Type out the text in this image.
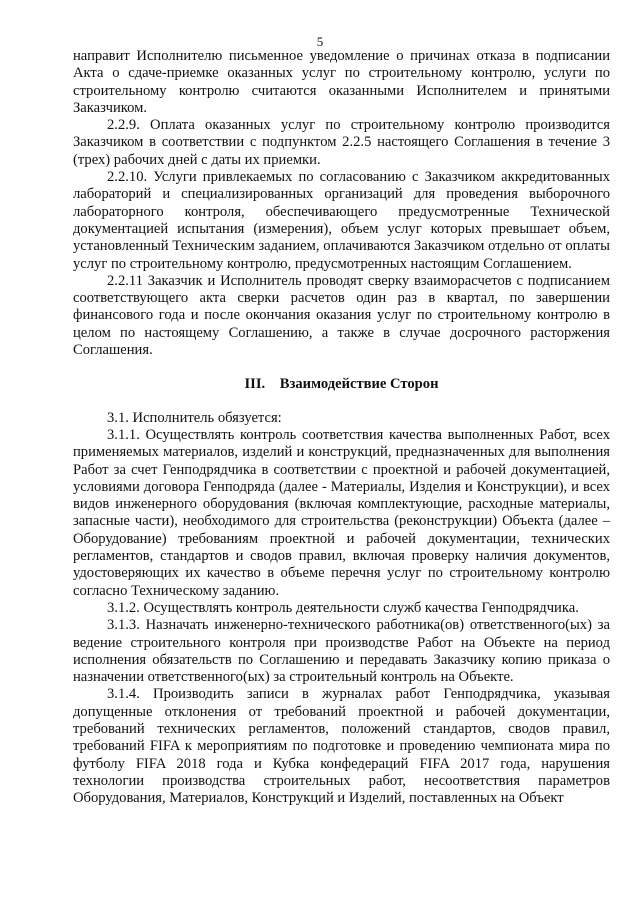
5

направит Исполнителю письменное уведомление о причинах отказа в подписании Акта о сдаче-приемке оказанных услуг по строительному контролю, услуги по строительному контролю считаются оказанными Исполнителем и принятыми Заказчиком.

2.2.9. Оплата оказанных услуг по строительному контролю производится Заказчиком в соответствии с подпунктом 2.2.5 настоящего Соглашения в течение 3 (трех) рабочих дней с даты их приемки.

2.2.10. Услуги привлекаемых по согласованию с Заказчиком аккредитованных лабораторий и специализированных организаций для проведения выборочного лабораторного контроля, обеспечивающего предусмотренные Технической документацией испытания (измерения), объем услуг которых превышает объем, установленный Техническим заданием, оплачиваются Заказчиком отдельно от оплаты услуг по строительному контролю, предусмотренных настоящим Соглашением.

2.2.11 Заказчик и Исполнитель проводят сверку взаиморасчетов с подписанием соответствующего акта сверки расчетов один раз в квартал, по завершении финансового года и после окончания оказания услуг по строительному контролю в целом по настоящему Соглашению, а также в случае досрочного расторжения Соглашения.

III. Взаимодействие Сторон

3.1. Исполнитель обязуется:

3.1.1. Осуществлять контроль соответствия качества выполненных Работ, всех применяемых материалов, изделий и конструкций, предназначенных для выполнения Работ за счет Генподрядчика в соответствии с проектной и рабочей документацией, условиями договора Генподряда (далее - Материалы, Изделия и Конструкции), и всех видов инженерного оборудования (включая комплектующие, расходные материалы, запасные части), необходимого для строительства (реконструкции) Объекта (далее – Оборудование) требованиям проектной и рабочей документации, технических регламентов, стандартов и сводов правил, включая проверку наличия документов, удостоверяющих их качество в объеме перечня услуг по строительному контролю согласно Техническому заданию.

3.1.2. Осуществлять контроль деятельности служб качества Генподрядчика.

3.1.3. Назначать инженерно-технического работника(ов) ответственного(ых) за ведение строительного контроля при производстве Работ на Объекте на период исполнения обязательств по Соглашению и передавать Заказчику копию приказа о назначении ответственного(ых) за строительный контроль на Объекте.

3.1.4. Производить записи в журналах работ Генподрядчика, указывая допущенные отклонения от требований проектной и рабочей документации, требований технических регламентов, положений стандартов, сводов правил, требований FIFA к мероприятиям по подготовке и проведению чемпионата мира по футболу FIFA 2018 года и Кубка конфедераций FIFA 2017 года, нарушения технологии производства строительных работ, несоответствия параметров Оборудования, Материалов, Конструкций и Изделий, поставленных на Объект
